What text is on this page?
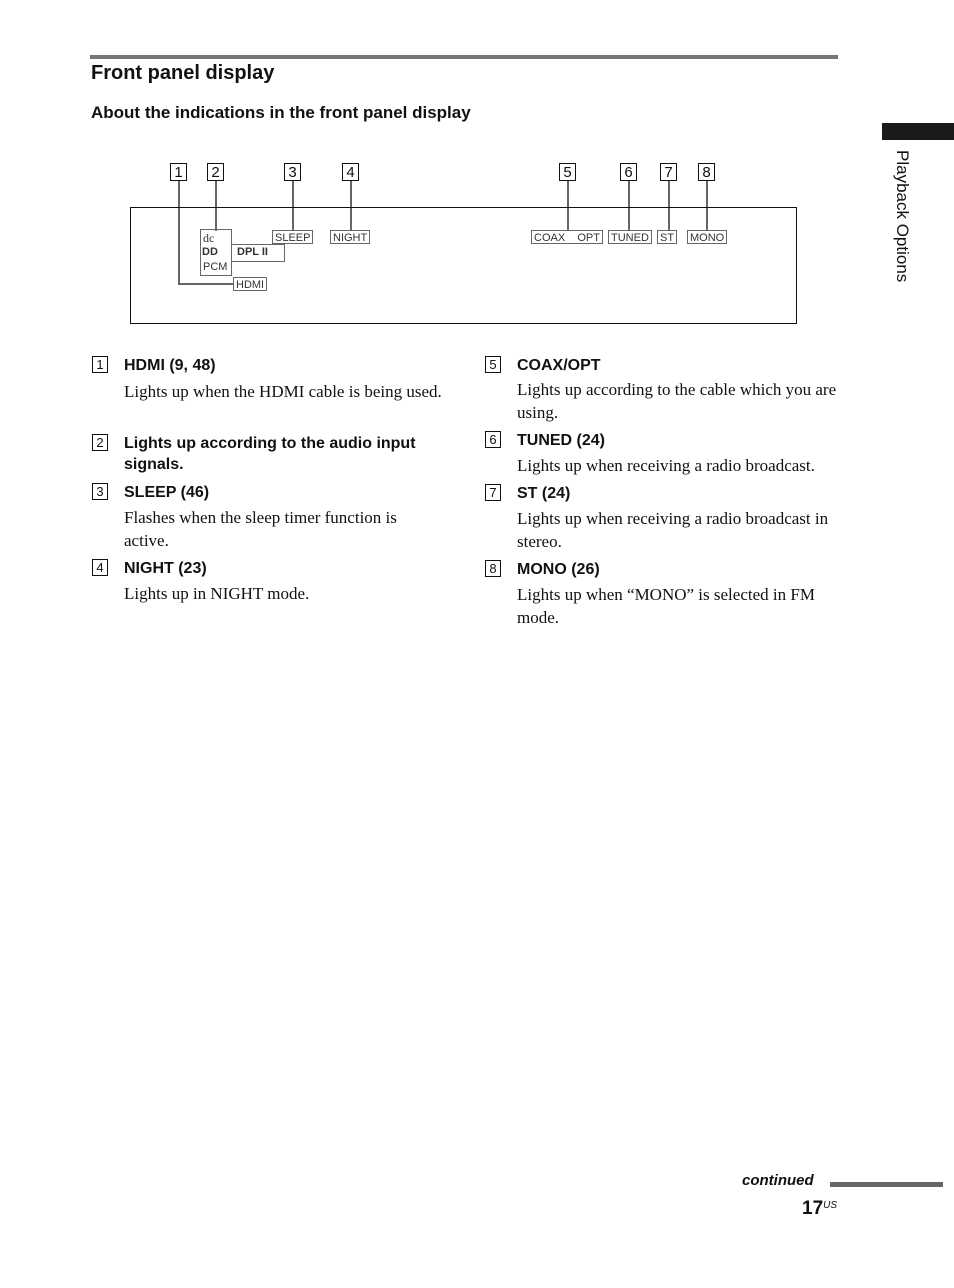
Front panel display
About the indications in the front panel display
Playback Options
1 2	3	4	5	6 7 8
dc
DD DPL II
PCM
HDMI
SLEEP NIGHT	COAX OPT TUNED ST MONO
1 HDMI (9, 48)
Lights up when the HDMI cable is being used.
2 Lights up according to the audio input signals.
3 SLEEP (46)
Flashes when the sleep timer function is active.
4 NIGHT (23)
Lights up in NIGHT mode.
5 COAX/OPT
Lights up according to the cable which you are using.
6 TUNED (24)
Lights up when receiving a radio broadcast.
7 ST (24)
Lights up when receiving a radio broadcast in stereo.
8 MONO (26)
Lights up when “MONO” is selected in FM mode.
continued
$17^{US}$
